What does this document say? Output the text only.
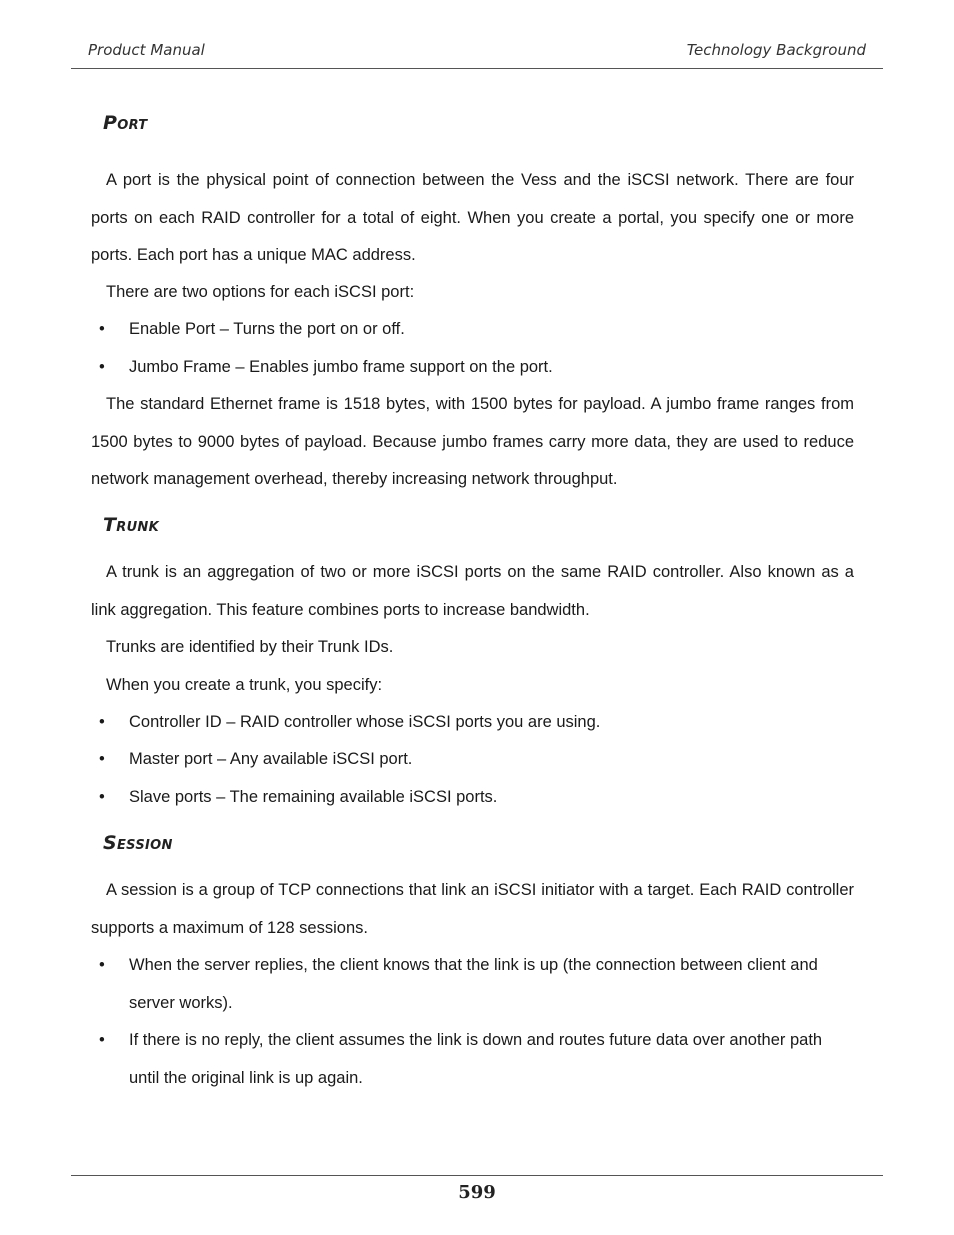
Product Manual	Technology Background
Port
A port is the physical point of connection between the Vess and the iSCSI network. There are four ports on each RAID controller for a total of eight. When you create a portal, you specify one or more ports. Each port has a unique MAC address.
There are two options for each iSCSI port:
• Enable Port – Turns the port on or off.
• Jumbo Frame – Enables jumbo frame support on the port.
The standard Ethernet frame is 1518 bytes, with 1500 bytes for payload. A jumbo frame ranges from 1500 bytes to 9000 bytes of payload. Because jumbo frames carry more data, they are used to reduce network management overhead, thereby increasing network throughput.
Trunk
A trunk is an aggregation of two or more iSCSI ports on the same RAID controller. Also known as a link aggregation. This feature combines ports to increase bandwidth.
Trunks are identified by their Trunk IDs.
When you create a trunk, you specify:
• Controller ID – RAID controller whose iSCSI ports you are using.
• Master port – Any available iSCSI port.
• Slave ports – The remaining available iSCSI ports.
Session
A session is a group of TCP connections that link an iSCSI initiator with a target. Each RAID controller supports a maximum of 128 sessions.
• When the server replies, the client knows that the link is up (the connection between client and server works).
• If there is no reply, the client assumes the link is down and routes future data over another path until the original link is up again.
599
